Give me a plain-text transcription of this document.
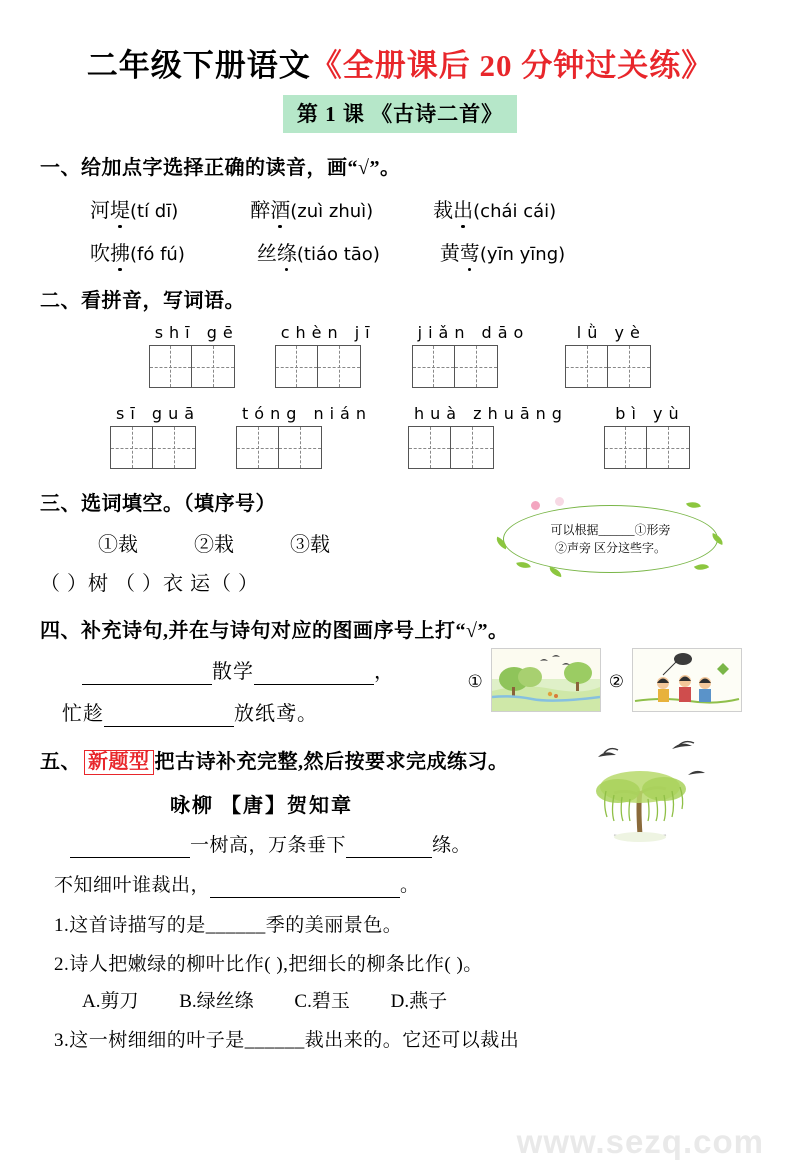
二年级下册语文 《全册课后 20 分钟过关练》
第 1 课 《古诗二首》
一、给加点字选择正确的读音，画“√”。
河 堤 (tí dī)	醉 酒 (zuì zhuì)	裁 出 (chái cái)
吹 拂 (fó fú)	丝 绦 (tiáo tāo)	黄 莺 (yīn yīng)
二、看拼音，写词语。
shī gē	chèn jī	jiǎn dāo	lǜ yè
sī guā	tóng nián	huà zhuāng	bì yù
三、选词填空。（填序号）
①裁	②栽	③载
（ ）树 （ ）衣 运（ ）
可以根据______①形旁
②声旁 区分这些字。
四、补充诗句,并在与诗句对应的图画序号上打“√”。
散学	，
忙趁	放纸鸢。
①	②
五、 新题型 把古诗补充完整,然后按要求完成练习。
咏柳 【唐】贺知章
一树高，万条垂下	绦。
不知细叶谁裁出，	。
1.这首诗描写的是______季的美丽景色。
2.诗人把嫩绿的柳叶比作( ),把细长的柳条比作( )。
A.剪刀 B.绿丝绦 C.碧玉 D.燕子
3.这一树细细的叶子是______裁出来的。它还可以裁出
www.sezq.com
